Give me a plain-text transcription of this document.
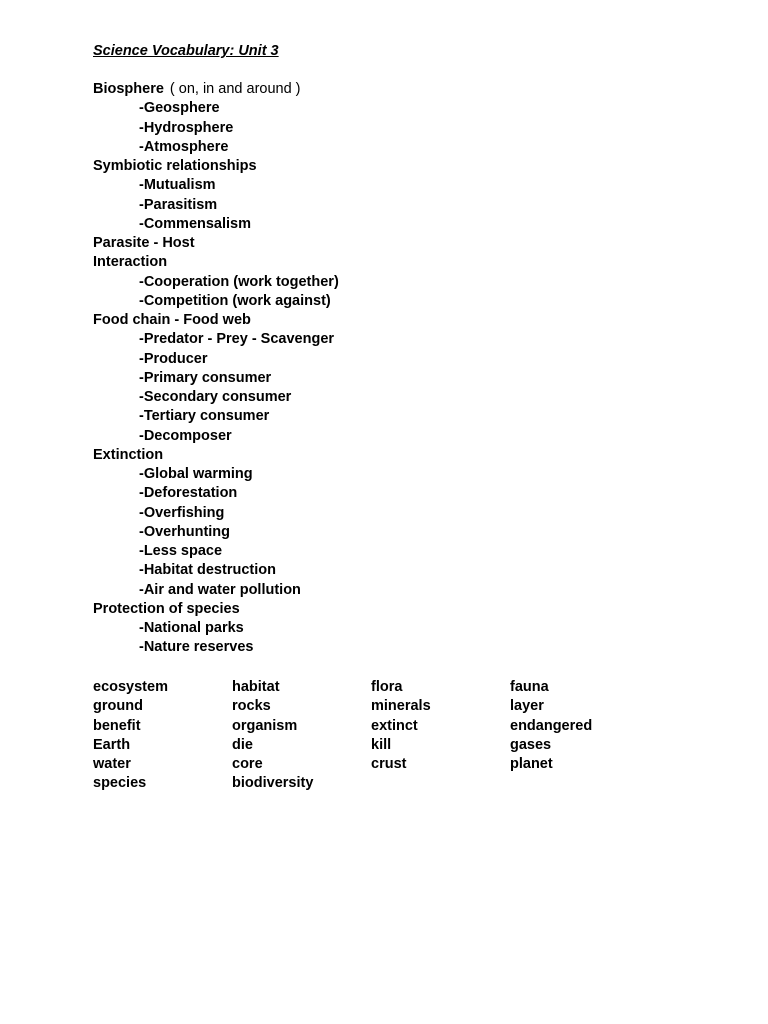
Science Vocabulary: Unit 3
Biosphere ( on, in and around )
-Geosphere
-Hydrosphere
-Atmosphere
Symbiotic relationships
-Mutualism
-Parasitism
-Commensalism
Parasite - Host
Interaction
-Cooperation (work together)
-Competition (work against)
Food chain - Food web
-Predator - Prey - Scavenger
-Producer
-Primary consumer
-Secondary consumer
-Tertiary consumer
-Decomposer
Extinction
-Global warming
-Deforestation
-Overfishing
-Overhunting
-Less space
-Habitat destruction
-Air and water pollution
Protection of species
-National parks
-Nature reserves
ecosystem	habitat	flora	fauna
ground	rocks	minerals	layer
benefit	organism	extinct	endangered
Earth	die	kill	gases
water	core	crust	planet
species	biodiversity
